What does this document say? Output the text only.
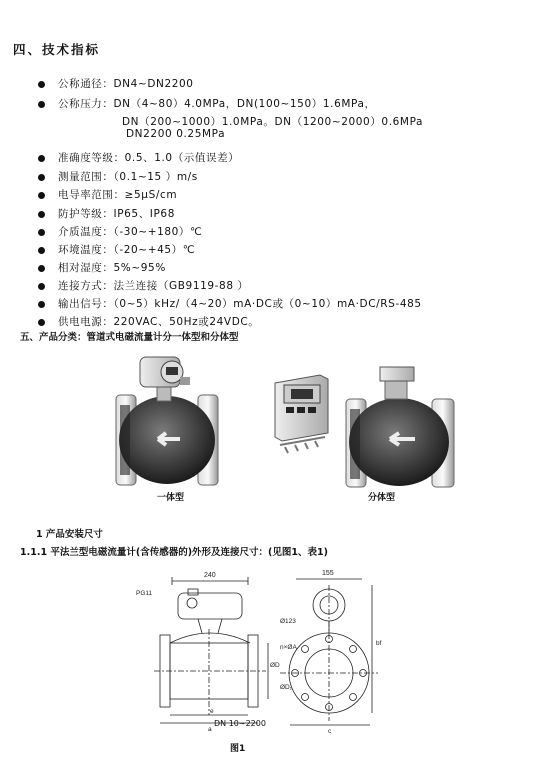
四、技术指标
公称通径：DN4~DN2200
公称压力：DN（4~80）4.0MPa，DN(100~150）1.6MPa，
DN（200~1000）1.0MPa。DN（1200~2000）0.6MPa
DN2200 0.25MPa
准确度等级：0.5、1.0（示值误差）
测量范围：（0.1~15 ）m/s
电导率范围：≥5μS/cm
防护等级：IP65、IP68
介质温度：（-30~+180）℃
环境温度：（-20~+45）℃
相对湿度：5%~95%
连接方式：法兰连接（GB9119-88 ）
输出信号：（0~5）kHz/（4~20）mA·DC或（0~10）mA·DC/RS-485
供电电源：220VAC、50Hz或24VDC。
五、产品分类：管道式电磁流量计分一体型和分体型
一体型	分体型
1 产品安装尺寸
1.1.1 平法兰型电磁流量计(含传感器的)外形及连接尺寸：(见图1、表1)
240	155
PG11
Ø123
n×ØA
ØD
ØD₁
e
a	c
bf
DN 10~2200
图1
